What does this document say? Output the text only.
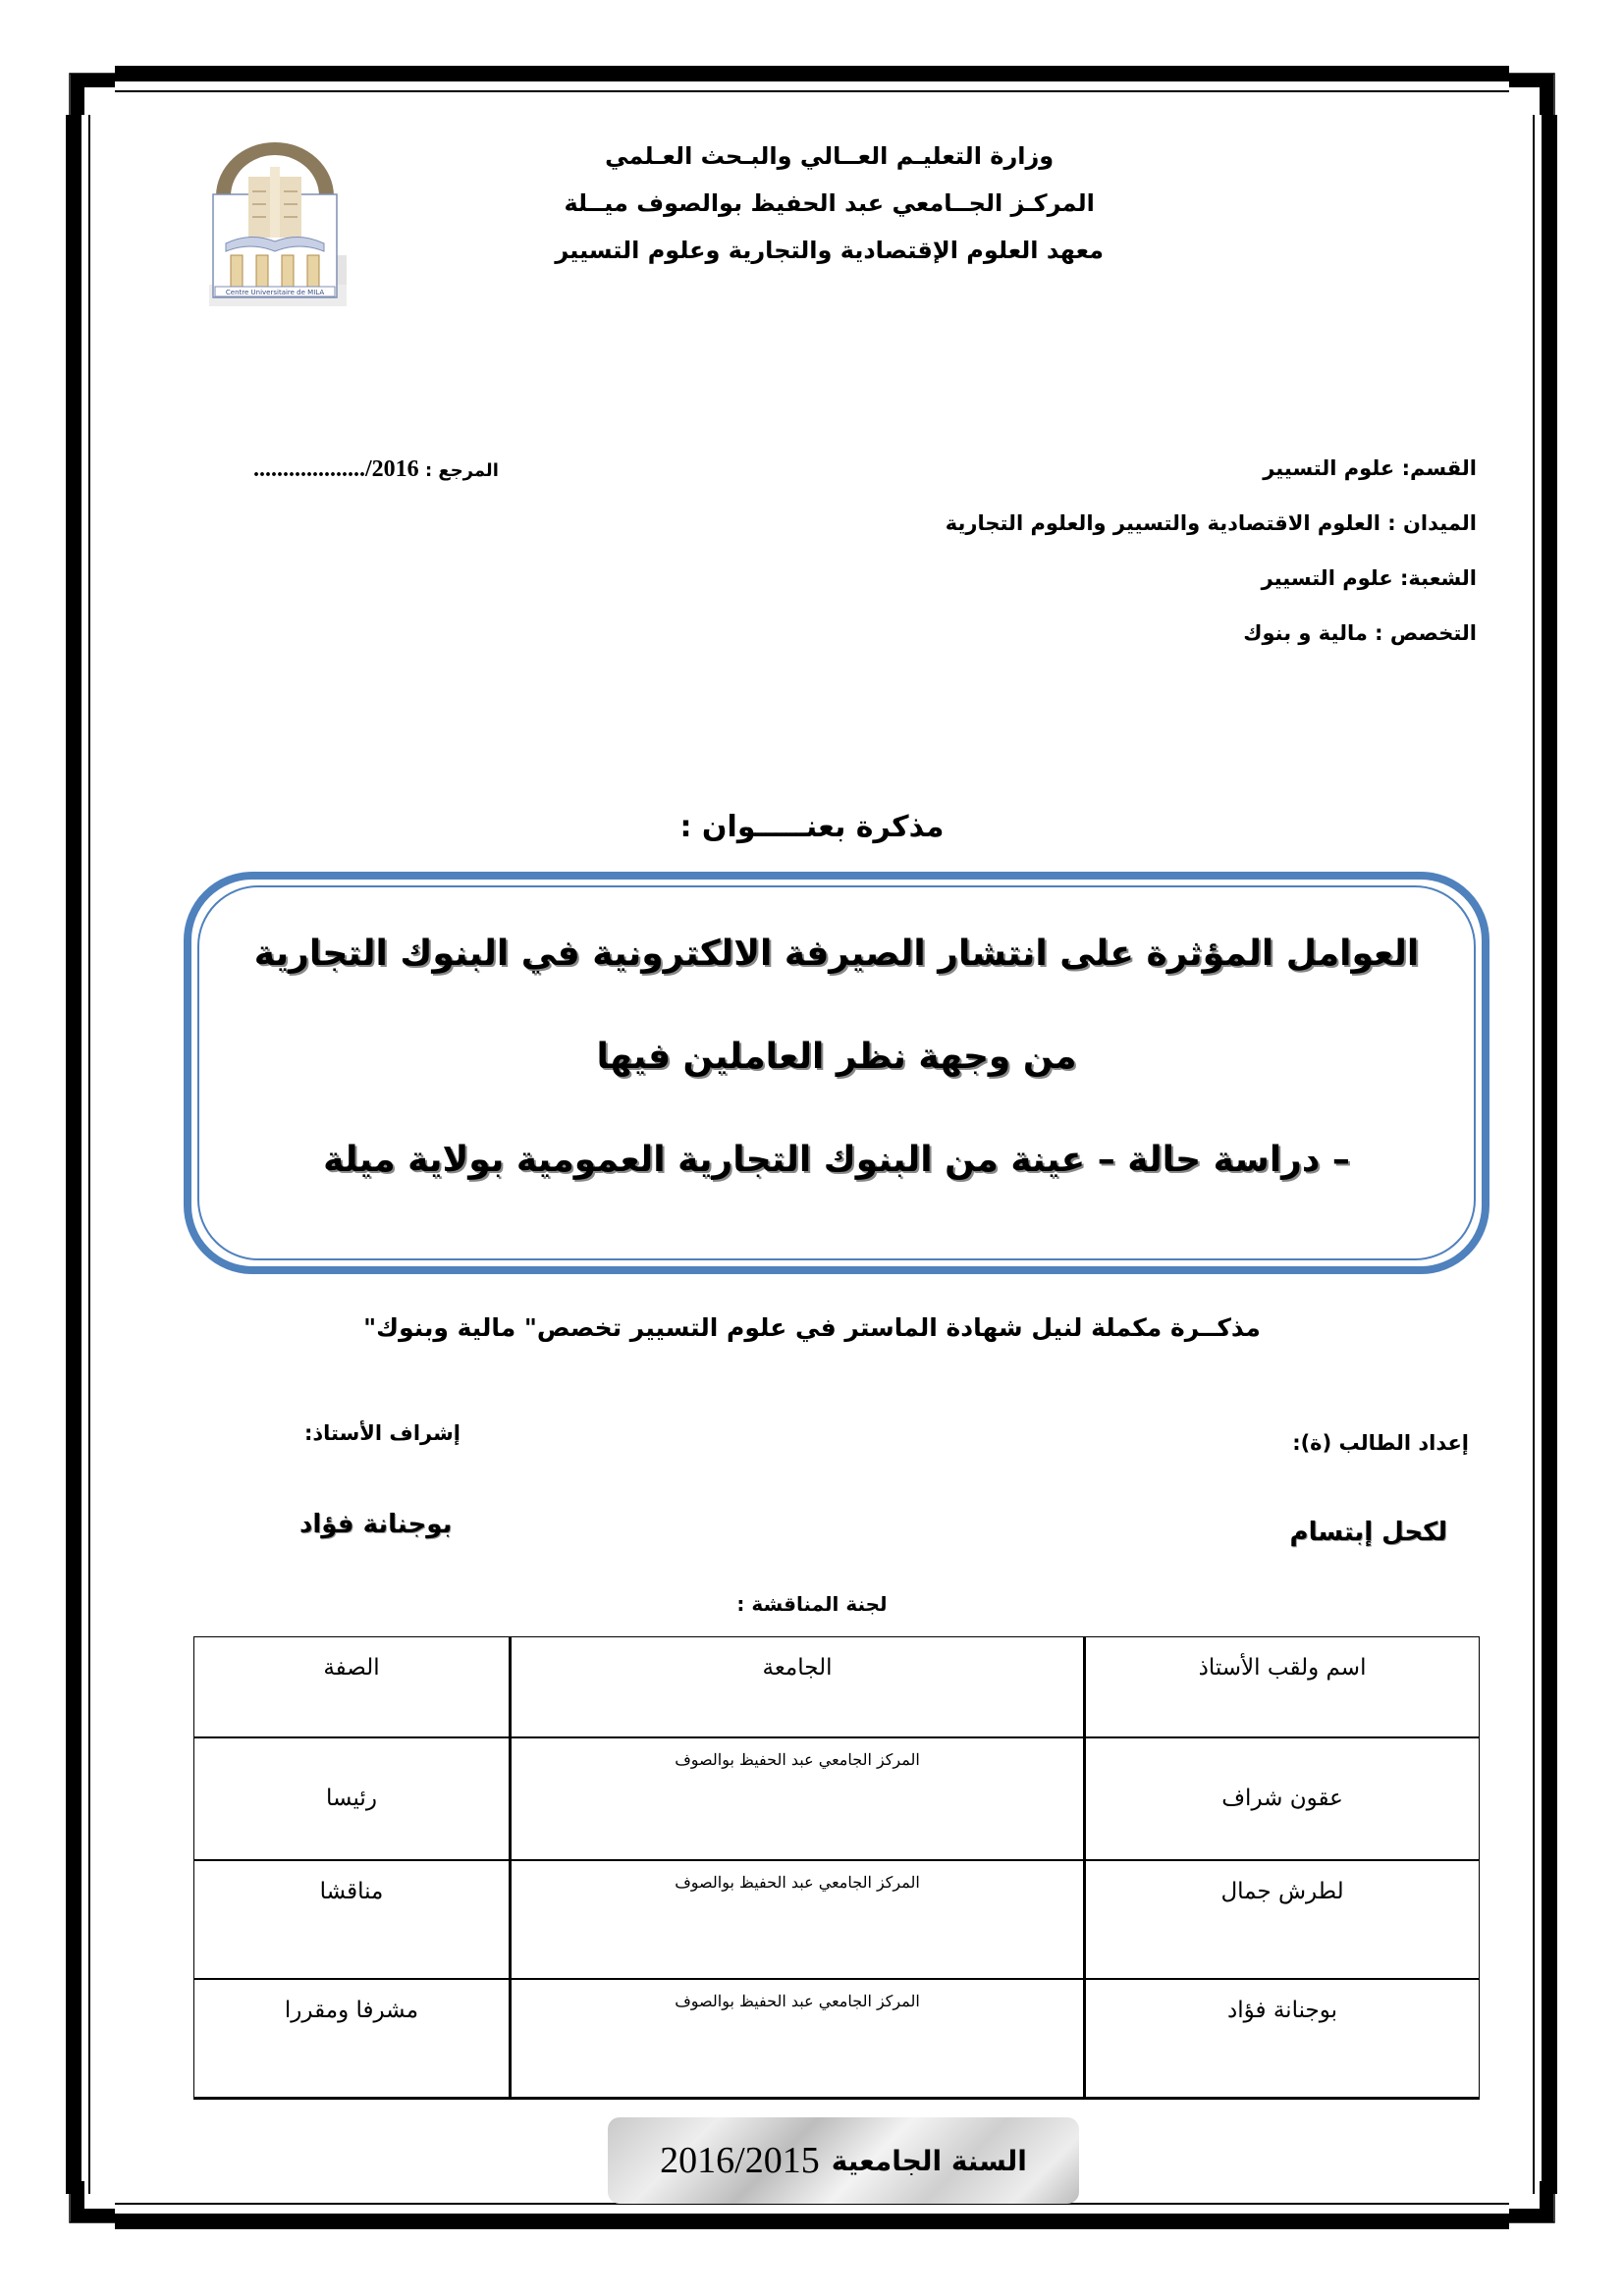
Centre Universitaire de MILA
وزارة التعليـم العــالي والبـحث العـلمي
المركـز الجــامعي عبد الحفيظ بوالصوف ميــلة
معهد العلوم الإقتصادية والتجارية وعلوم التسيير
المرجع : .................../2016	القسم: علوم التسيير
الميدان : العلوم الاقتصادية والتسيير والعلوم التجارية
الشعبة: علوم التسيير
التخصص : مالية و بنوك
مذكرة بعنـــــوان :
العوامل المؤثرة على انتشار الصيرفة الالكترونية في البنوك التجارية
من وجهة نظر العاملين فيها
– دراسة حالة – عينة من البنوك التجارية العمومية بولاية ميلة
مذكــرة مكملة لنيل شهادة الماستر في علوم التسيير تخصص" مالية وبنوك"
إعداد الطالب (ة):
إشراف الأستاذ:
لكحل إبتسام
بوجنانة فؤاد
لجنة المناقشة :
اسم ولقب الأستاذ	الجامعة	الصفة
عقون شراف	المركز الجامعي عبد الحفيظ بوالصوف	رئيسا
لطرش جمال	المركز الجامعي عبد الحفيظ بوالصوف	مناقشا
بوجنانة فؤاد	المركز الجامعي عبد الحفيظ بوالصوف	مشرفا ومقررا
السنة الجامعية
2016/2015
